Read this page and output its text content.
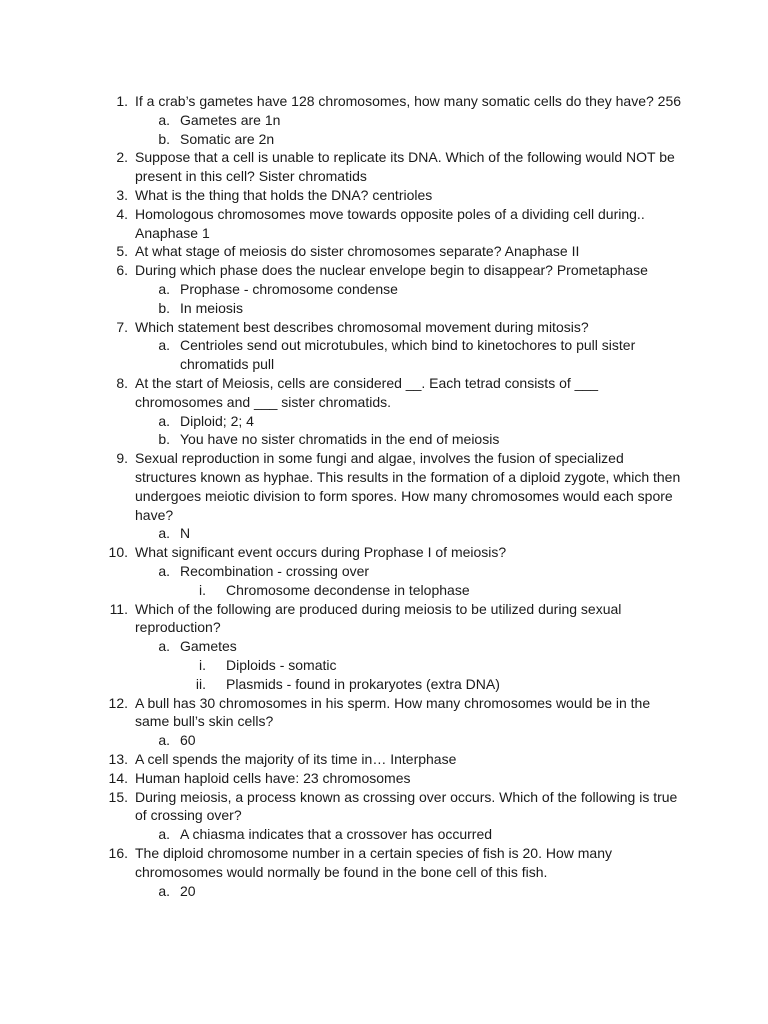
1. If a crab’s gametes have 128 chromosomes, how many somatic cells do they have? 256
a. Gametes are 1n
b. Somatic are 2n
2. Suppose that a cell is unable to replicate its DNA. Which of the following would NOT be
present in this cell? Sister chromatids
3. What is the thing that holds the DNA? centrioles
4. Homologous chromosomes move towards opposite poles of a dividing cell during..
Anaphase 1
5. At what stage of meiosis do sister chromosomes separate? Anaphase II
6. During which phase does the nuclear envelope begin to disappear? Prometaphase
a. Prophase - chromosome condense
b. In meiosis
7. Which statement best describes chromosomal movement during mitosis?
a. Centrioles send out microtubules, which bind to kinetochores to pull sister
chromatids pull
8. At the start of Meiosis, cells are considered __. Each tetrad consists of ___
chromosomes and ___ sister chromatids.
a. Diploid; 2; 4
b. You have no sister chromatids in the end of meiosis
9. Sexual reproduction in some fungi and algae, involves the fusion of specialized
structures known as hyphae. This results in the formation of a diploid zygote, which then
undergoes meiotic division to form spores. How many chromosomes would each spore
have?
a. N
10. What significant event occurs during Prophase I of meiosis?
a. Recombination - crossing over
i. Chromosome decondense in telophase
11. Which of the following are produced during meiosis to be utilized during sexual
reproduction?
a. Gametes
i. Diploids - somatic
ii. Plasmids - found in prokaryotes (extra DNA)
12. A bull has 30 chromosomes in his sperm. How many chromosomes would be in the
same bull’s skin cells?
a. 60
13. A cell spends the majority of its time in… Interphase
14. Human haploid cells have: 23 chromosomes
15. During meiosis, a process known as crossing over occurs. Which of the following is true
of crossing over?
a. A chiasma indicates that a crossover has occurred
16. The diploid chromosome number in a certain species of fish is 20. How many
chromosomes would normally be found in the bone cell of this fish.
a. 20
